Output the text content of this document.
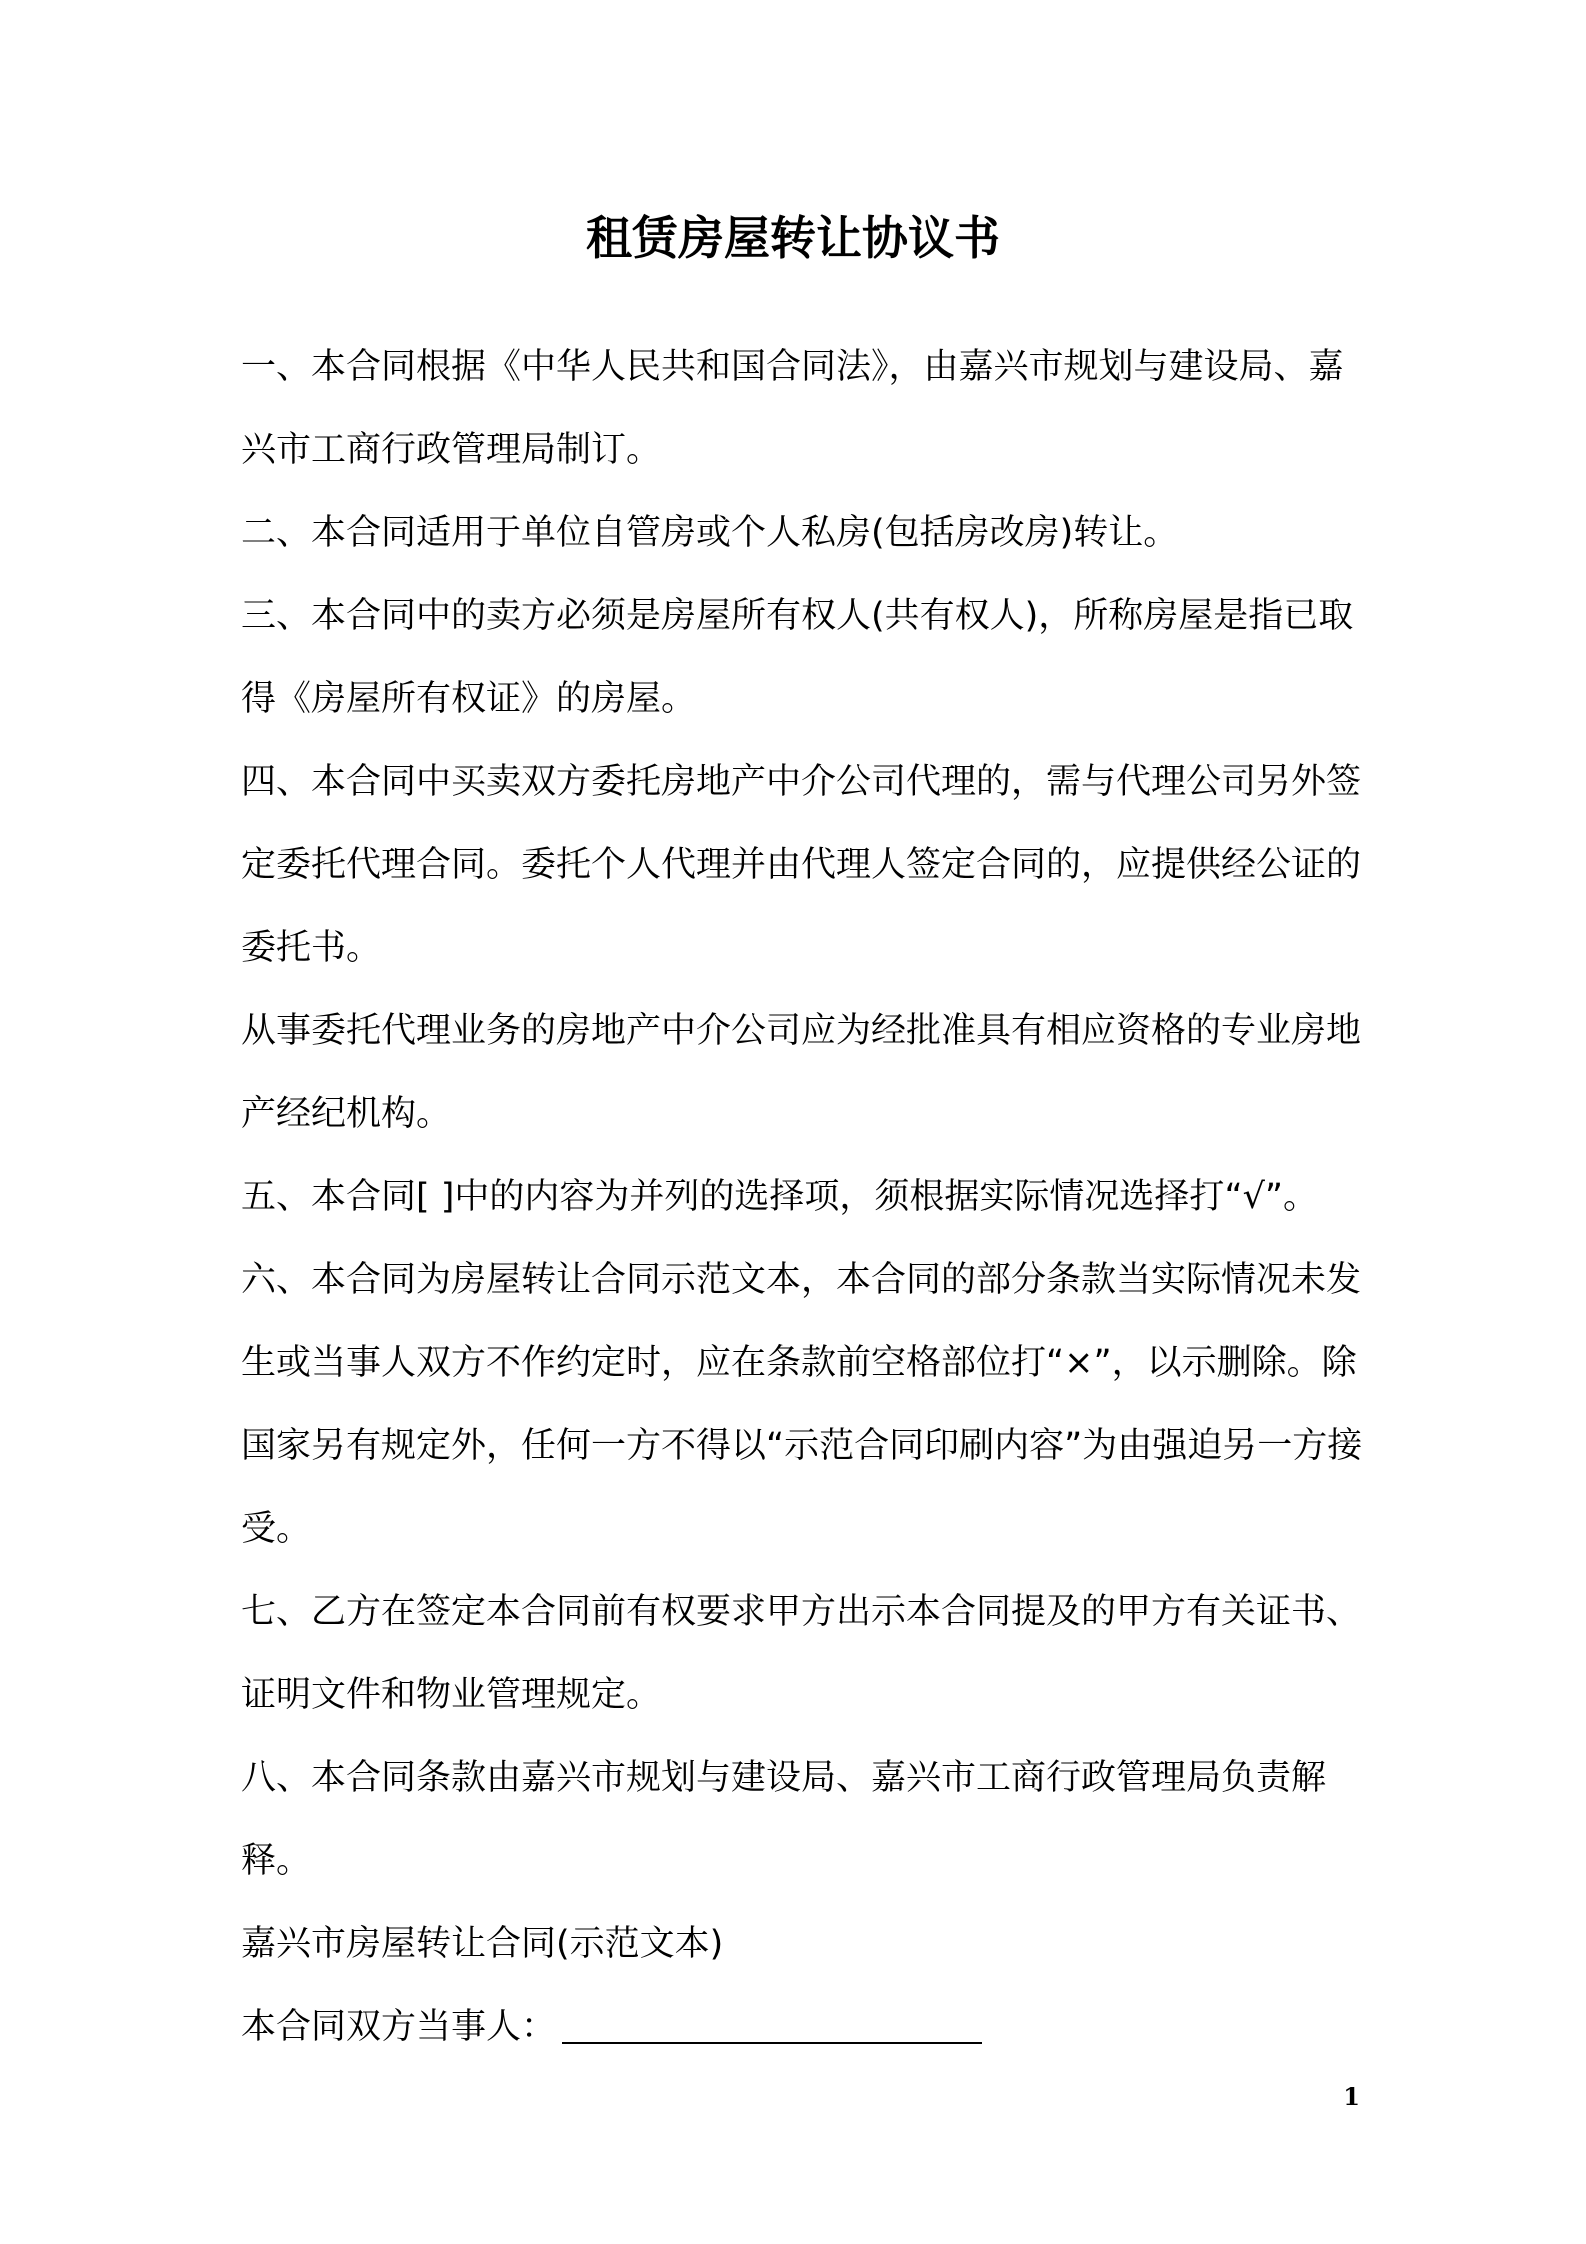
租赁房屋转让协议书

一、本合同根据《中华人民共和国合同法》，由嘉兴市规划与建设局、嘉兴市工商行政管理局制订。

二、本合同适用于单位自管房或个人私房(包括房改房)转让。

三、本合同中的卖方必须是房屋所有权人(共有权人)，所称房屋是指已取得《房屋所有权证》的房屋。

四、本合同中买卖双方委托房地产中介公司代理的，需与代理公司另外签定委托代理合同。委托个人代理并由代理人签定合同的，应提供经公证的委托书。

从事委托代理业务的房地产中介公司应为经批准具有相应资格的专业房地产经纪机构。

五、本合同[ ]中的内容为并列的选择项，须根据实际情况选择打“√”。

六、本合同为房屋转让合同示范文本，本合同的部分条款当实际情况未发生或当事人双方不作约定时，应在条款前空格部位打“×”，以示删除。除国家另有规定外，任何一方不得以“示范合同印刷内容”为由强迫另一方接受。

七、乙方在签定本合同前有权要求甲方出示本合同提及的甲方有关证书、证明文件和物业管理规定。

八、本合同条款由嘉兴市规划与建设局、嘉兴市工商行政管理局负责解释。

嘉兴市房屋转让合同(示范文本)

本合同双方当事人：

1
